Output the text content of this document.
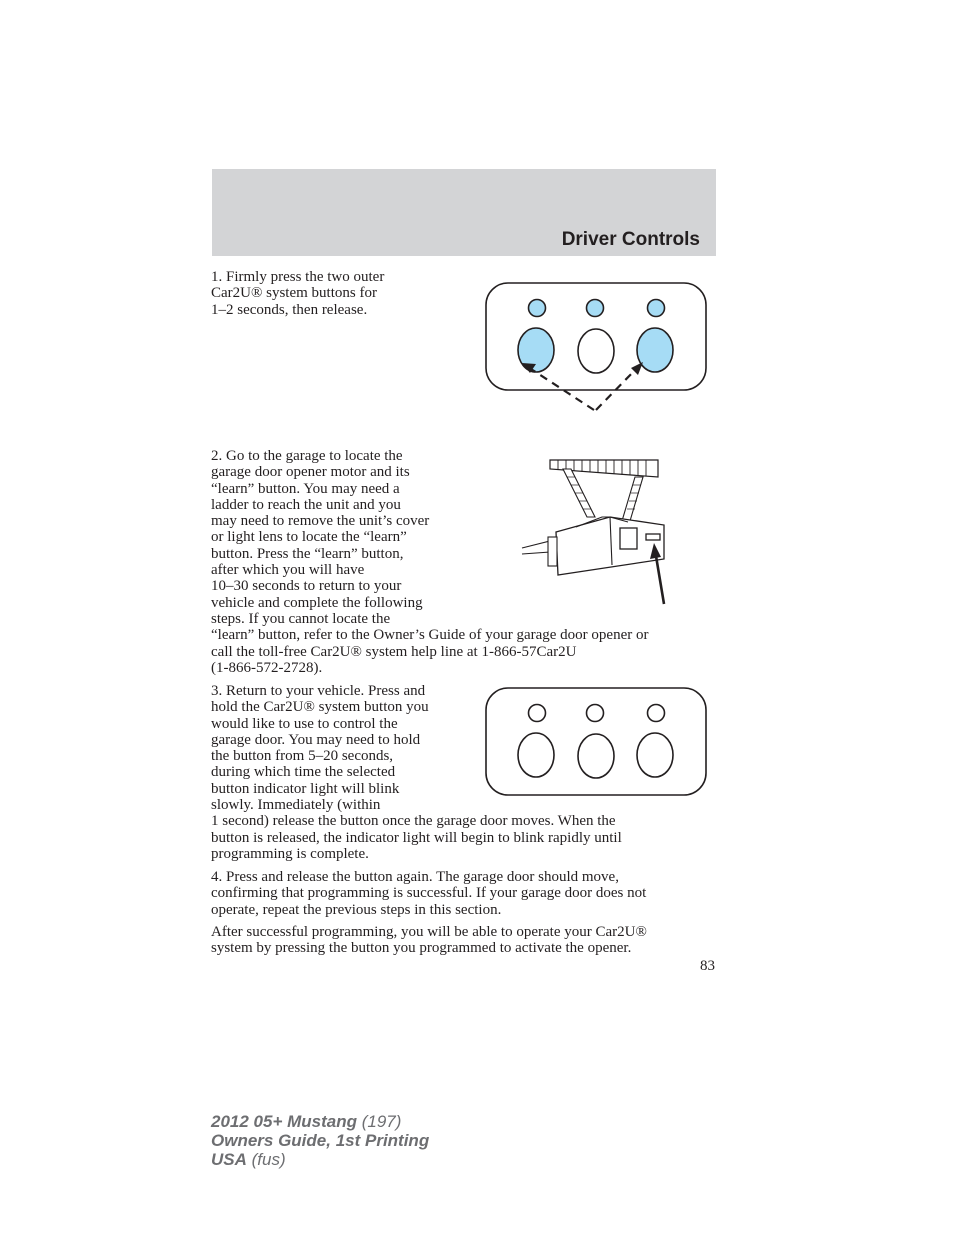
Driver Controls
1. Firmly press the two outer
Car2U® system buttons for
1–2 seconds, then release.
2. Go to the garage to locate the
garage door opener motor and its
“learn” button. You may need a
ladder to reach the unit and you
may need to remove the unit’s cover
or light lens to locate the “learn”
button. Press the “learn” button,
after which you will have
10–30 seconds to return to your
vehicle and complete the following
steps. If you cannot locate the
“learn” button, refer to the Owner’s Guide of your garage door opener or
call the toll-free Car2U® system help line at 1-866-57Car2U
(1-866-572-2728).
3. Return to your vehicle. Press and
hold the Car2U® system button you
would like to use to control the
garage door. You may need to hold
the button from 5–20 seconds,
during which time the selected
button indicator light will blink
slowly. Immediately (within
1 second) release the button once the garage door moves. When the
button is released, the indicator light will begin to blink rapidly until
programming is complete.
4. Press and release the button again. The garage door should move,
confirming that programming is successful. If your garage door does not
operate, repeat the previous steps in this section.
After successful programming, you will be able to operate your Car2U®
system by pressing the button you programmed to activate the opener.
83
2012 05+ Mustang (197)
Owners Guide, 1st Printing
USA (fus)
